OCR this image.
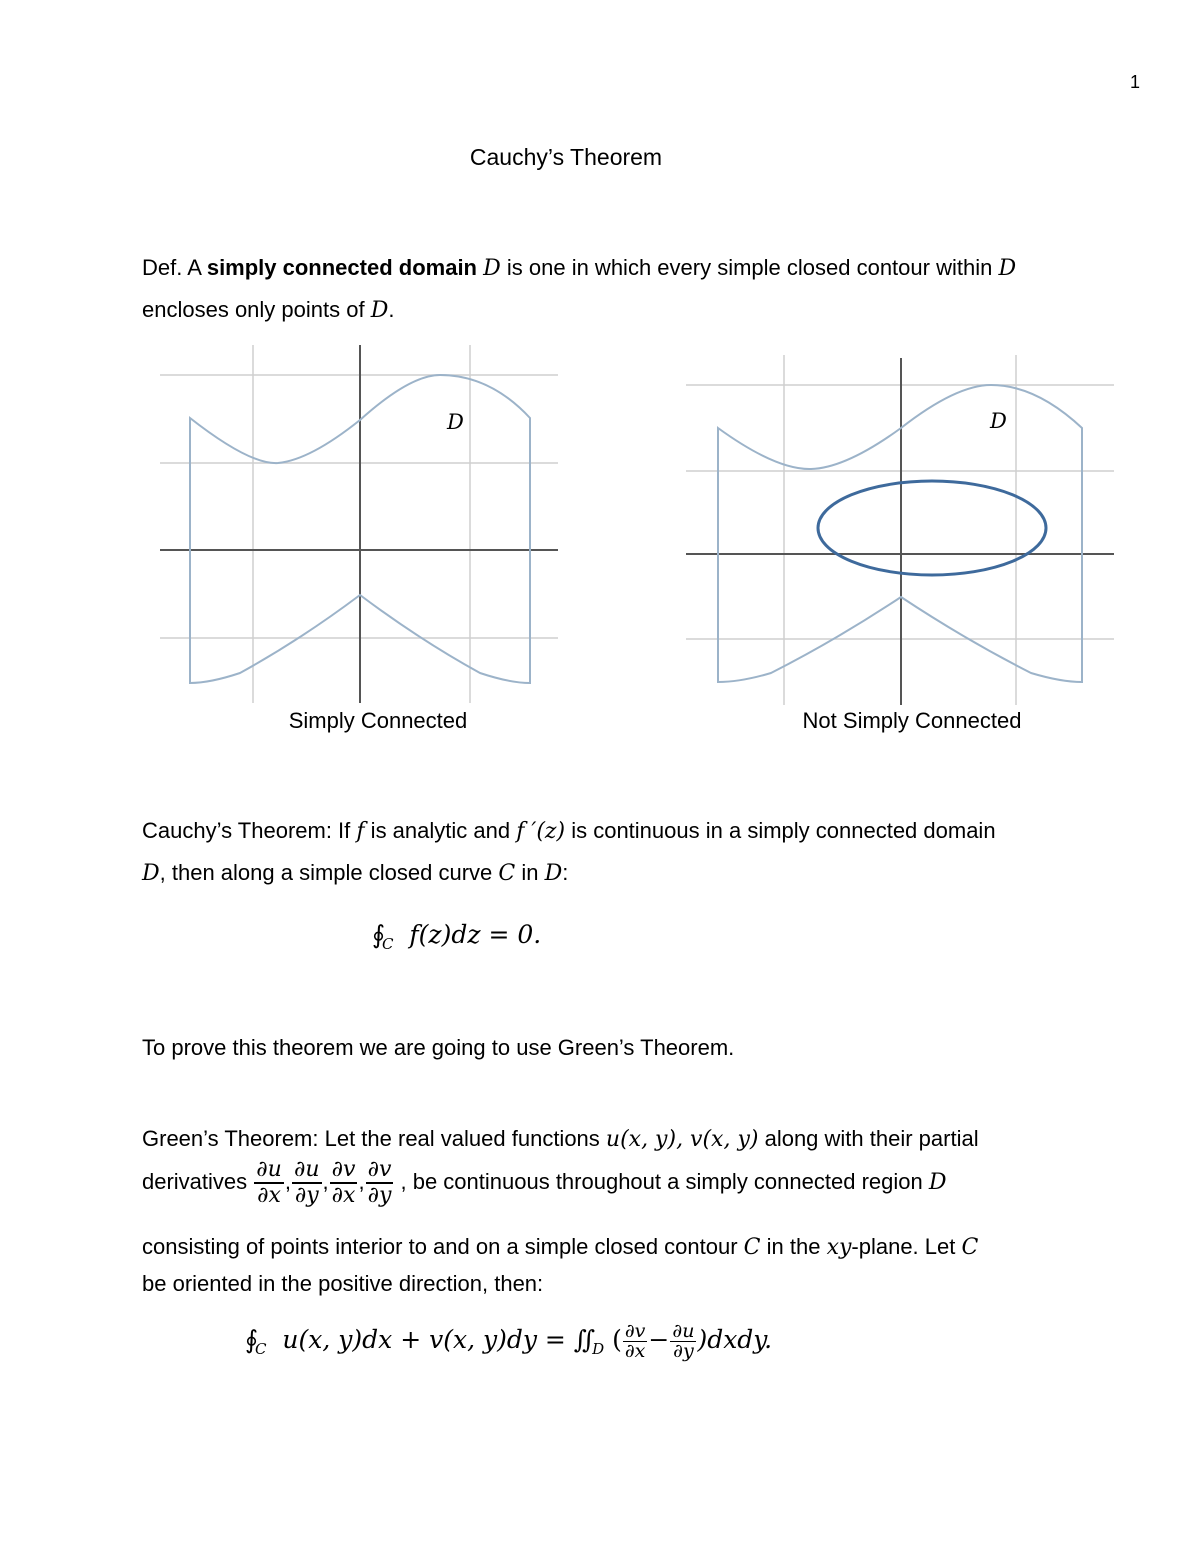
1
Cauchy’s Theorem
Def. A simply connected domain D is one in which every simple closed contour within D
encloses only points of D.
D
Simply Connected
D
Not Simply Connected
Cauchy’s Theorem: If f is analytic and f ′(z) is continuous in a simply connected domain
D, then along a simple closed curve C in D:
$∮_C$ f(z)dz = 0.
To prove this theorem we are going to use Green’s Theorem.
Green’s Theorem: Let the real valued functions u(x, y), v(x, y) along with their partial
derivatives $\frac{\partial u}{\partial x}$ , $\frac{\partial u}{\partial y}$ , $\frac{\partial v}{\partial x}$ , $\frac{\partial v}{\partial y}$ , be continuous throughout a simply connected region D
consisting of points interior to and on a simple closed contour C in the xy-plane. Let C
be oriented in the positive direction, then:
$∮_C$ u(x, y)dx + v(x, $y)dy = ∬_D$ ( $\frac{\partial v}{\partial x} - \frac{\partial u}{\partial y}$ )dxdy.
